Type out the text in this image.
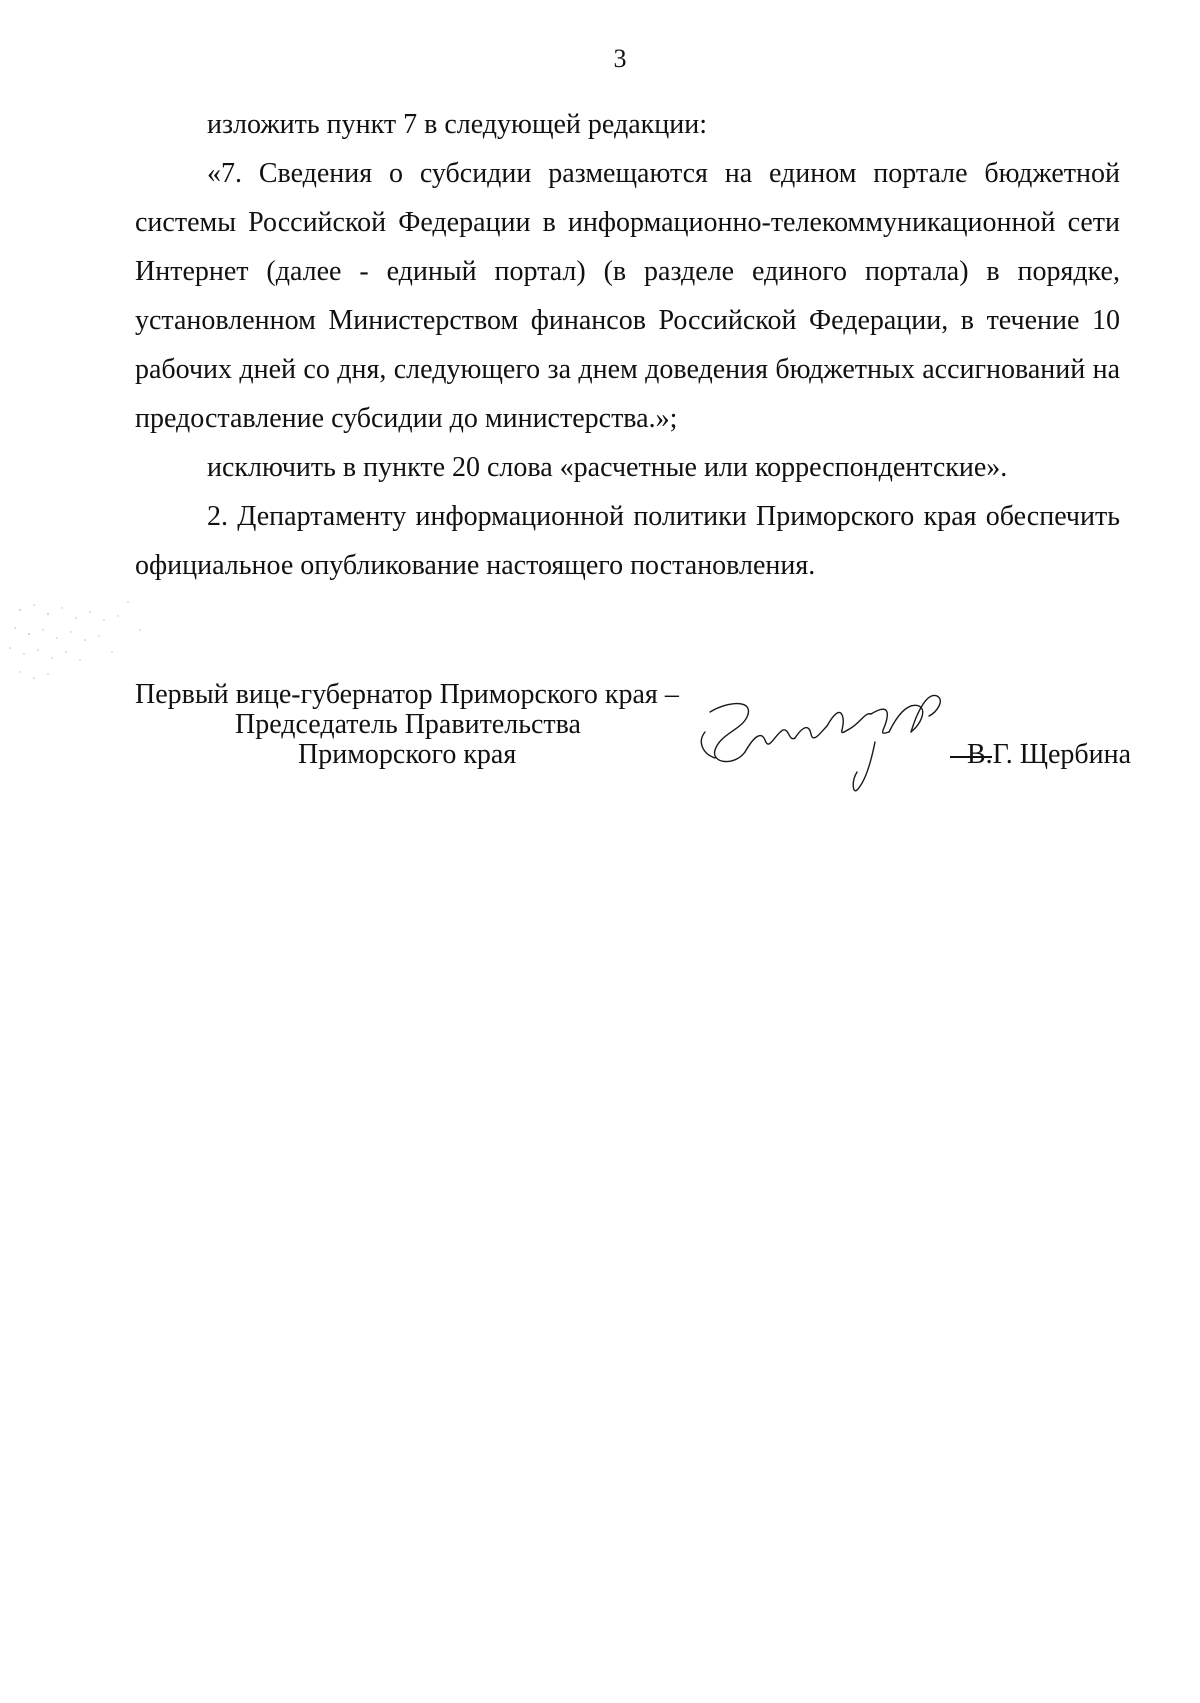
3

изложить пункт 7 в следующей редакции:

«7. Сведения о субсидии размещаются на едином портале бюджетной системы Российской Федерации в информационно-телекоммуникационной сети Интернет (далее - единый портал) (в разделе единого портала) в порядке, установленном Министерством финансов Российской Федерации, в течение 10 рабочих дней со дня, следующего за днем доведения бюджетных ассигнований на предоставление субсидии до министерства.»;

исключить в пункте 20 слова «расчетные или корреспондентские».

2. Департаменту информационной политики Приморского края обеспечить официальное опубликование настоящего постановления.

Первый вице-губернатор Приморского края –
Председатель Правительства
Приморского края	В.Г. Щербина
